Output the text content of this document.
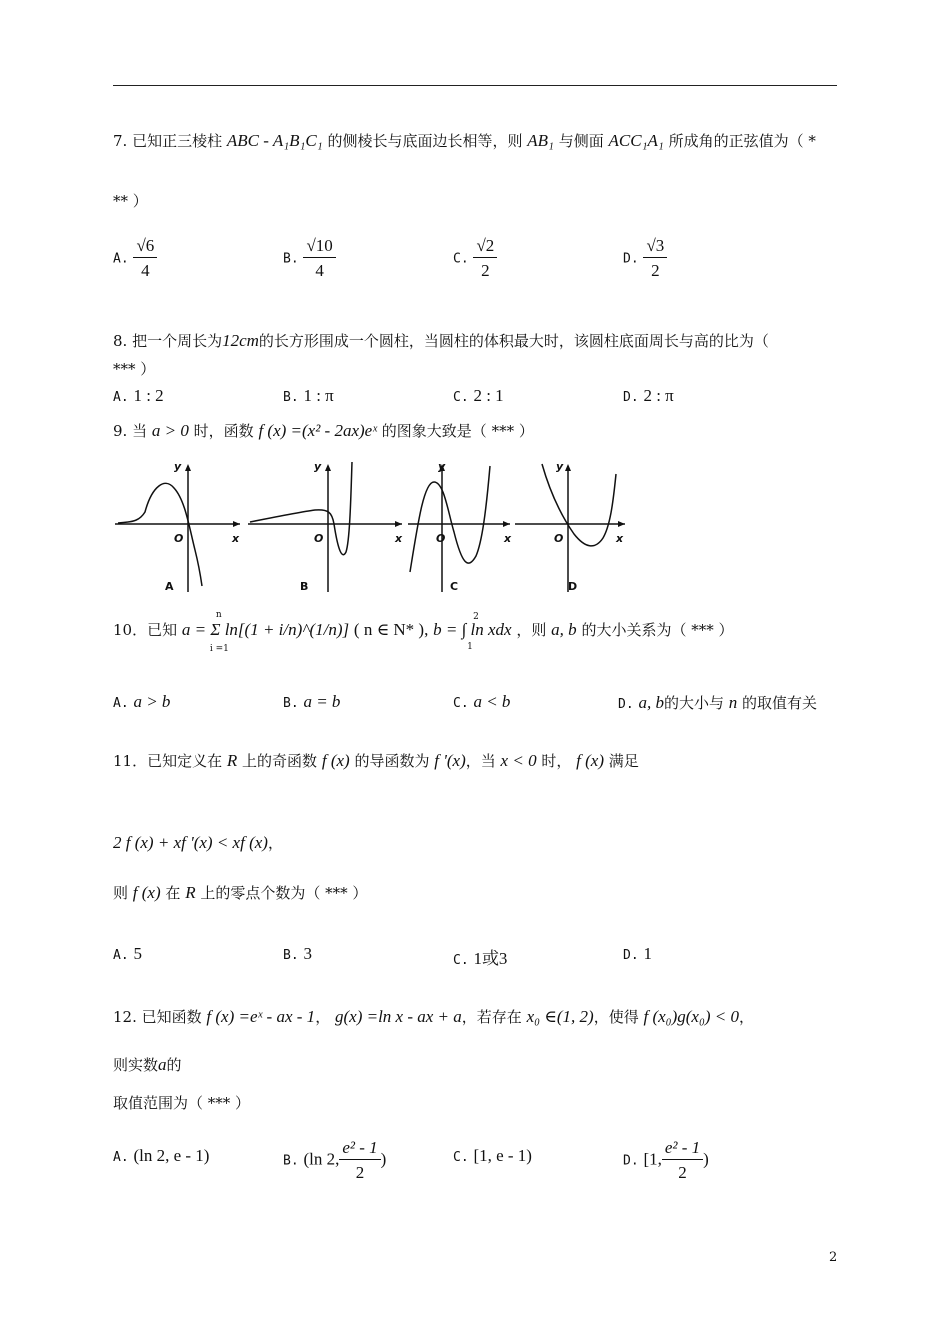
7. 已知正三棱柱 ABC - A₁B₁C₁ 的侧棱长与底面边长相等，则 AB₁ 与侧面 ACC₁A₁ 所成角的正弦值为（ *
** ）
A. $\frac{√6}{4}$	B. $\frac{√10}{4}$	C. $\frac{√2}{2}$	D. $\frac{√3}{2}$
8. 把一个周长为12cm的长方形围成一个圆柱，当圆柱的体积最大时，该圆柱底面周长与高的比为（
*** ）
A. 1 : 2	B. 1 : π	C. 2 : 1	D. 2 : π
9. 当 a > 0 时，函数 f (x) =(x² - 2ax)eˣ 的图象大致是（ *** ）
y
x
O
y
x
O
y
x
O
y
x
O
A	B	C	D
10．已知 a = Σ ln[(1 + i/n)^(1/n)]
n
i =1
( n ∈ N* ), b = ∫ ln xdx
2
1
，则 a, b 的大小关系为（ *** ）
A. a > b	B. a = b	C. a < b	D. a, b的大小与 n 的取值有关
11．已知定义在 R 上的奇函数 f (x) 的导函数为 f '(x)，当 x < 0 时， f (x) 满足
2 f (x) + xf '(x) < xf (x)，
则 f (x) 在 R 上的零点个数为（ *** ）
A. 5	B. 3	C. 1或3	D. 1
12. 已知函数 f (x) =eˣ - ax - 1， g(x) =ln x - ax + a，若存在 x₀ ∈(1, 2)，使得 f (x₀)g(x₀) < 0，
则实数a的
取值范围为（ *** ）
A. (ln 2, e - 1)	B. (ln 2, $\frac{\text{e² - 1}}{2}$ )	C. [1, e - 1)	D. [1, $\frac{\text{e² - 1}}{2}$ )
2
